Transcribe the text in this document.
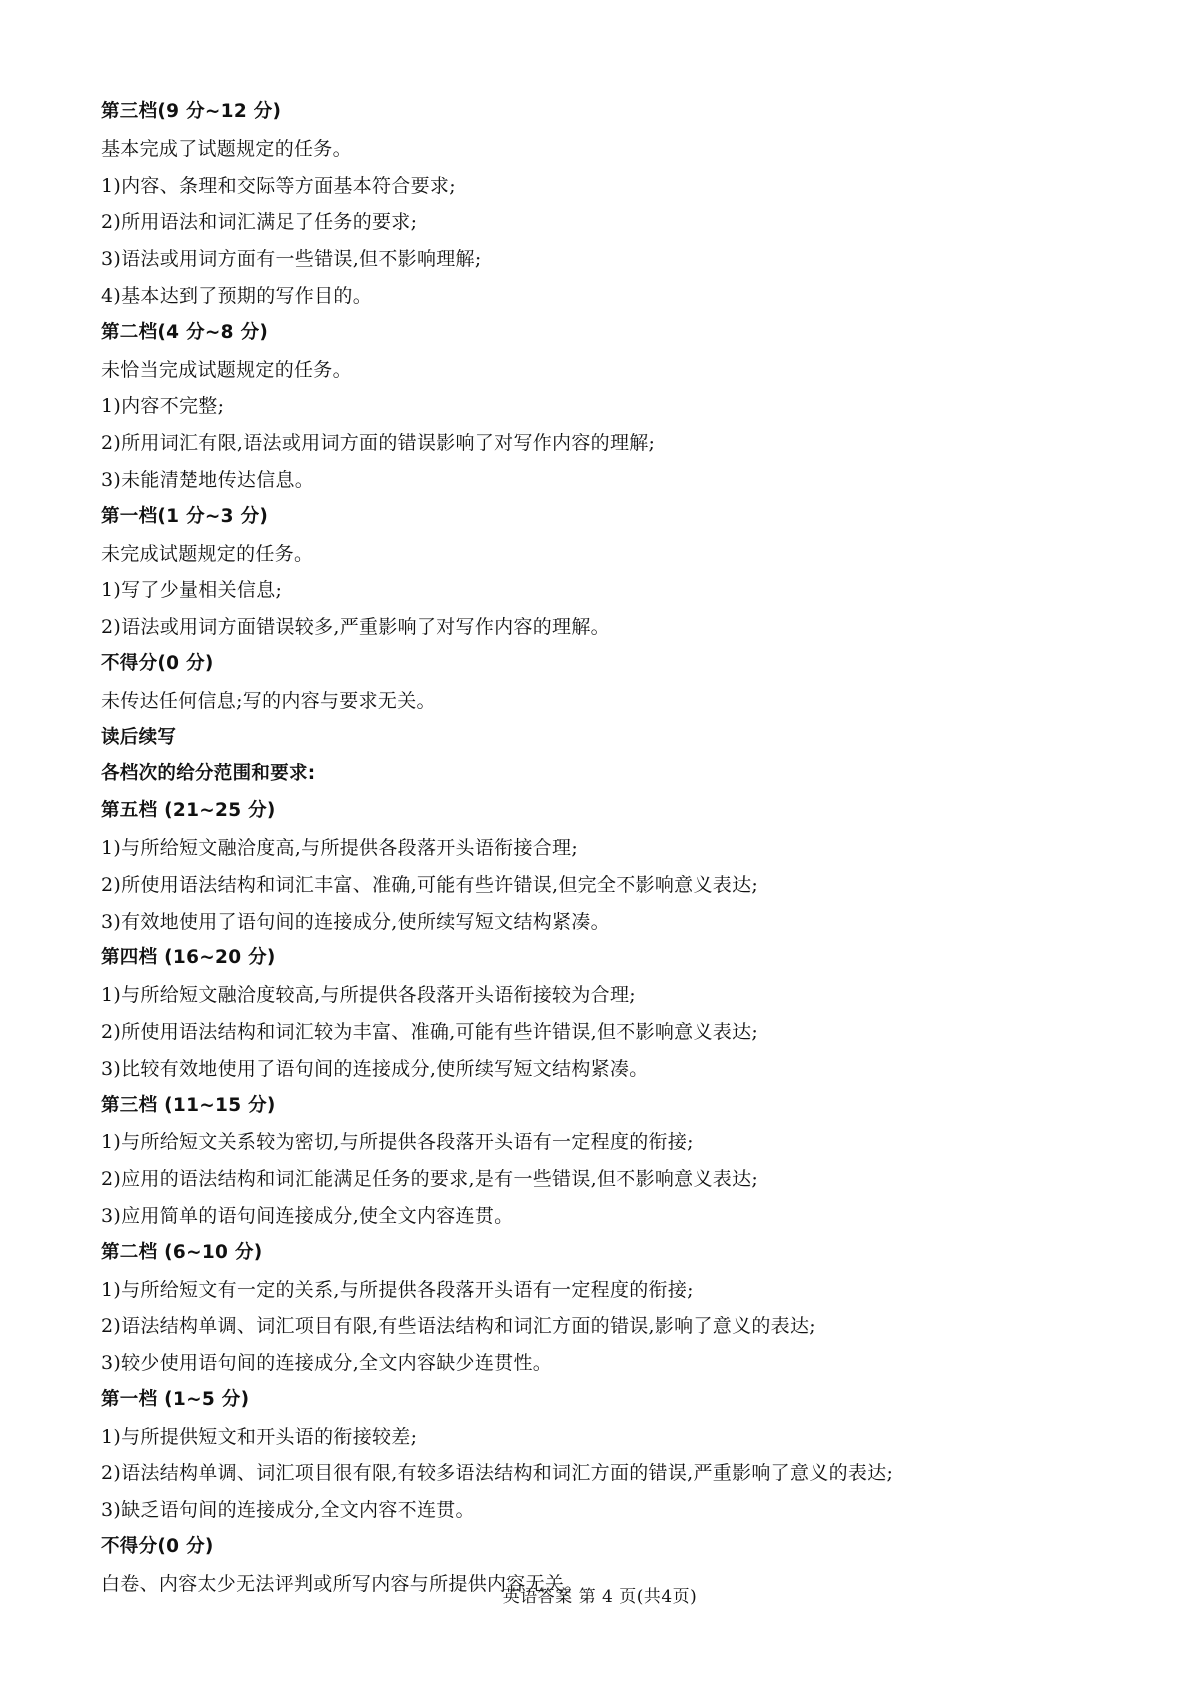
第三档(9 分~12 分)
基本完成了试题规定的任务。
1)内容、条理和交际等方面基本符合要求;
2)所用语法和词汇满足了任务的要求;
3)语法或用词方面有一些错误,但不影响理解;
4)基本达到了预期的写作目的。
第二档(4 分~8 分)
未恰当完成试题规定的任务。
1)内容不完整;
2)所用词汇有限,语法或用词方面的错误影响了对写作内容的理解;
3)未能清楚地传达信息。
第一档(1 分~3 分)
未完成试题规定的任务。
1)写了少量相关信息;
2)语法或用词方面错误较多,严重影响了对写作内容的理解。
不得分(0 分)
未传达任何信息;写的内容与要求无关。
读后续写
各档次的给分范围和要求:
第五档 (21~25 分)
1)与所给短文融洽度高,与所提供各段落开头语衔接合理;
2)所使用语法结构和词汇丰富、准确,可能有些许错误,但完全不影响意义表达;
3)有效地使用了语句间的连接成分,使所续写短文结构紧凑。
第四档 (16~20 分)
1)与所给短文融洽度较高,与所提供各段落开头语衔接较为合理;
2)所使用语法结构和词汇较为丰富、准确,可能有些许错误,但不影响意义表达;
3)比较有效地使用了语句间的连接成分,使所续写短文结构紧凑。
第三档 (11~15 分)
1)与所给短文关系较为密切,与所提供各段落开头语有一定程度的衔接;
2)应用的语法结构和词汇能满足任务的要求,是有一些错误,但不影响意义表达;
3)应用简单的语句间连接成分,使全文内容连贯。
第二档 (6~10 分)
1)与所给短文有一定的关系,与所提供各段落开头语有一定程度的衔接;
2)语法结构单调、词汇项目有限,有些语法结构和词汇方面的错误,影响了意义的表达;
3)较少使用语句间的连接成分,全文内容缺少连贯性。
第一档 (1~5 分)
1)与所提供短文和开头语的衔接较差;
2)语法结构单调、词汇项目很有限,有较多语法结构和词汇方面的错误,严重影响了意义的表达;
3)缺乏语句间的连接成分,全文内容不连贯。
不得分(0 分)
白卷、内容太少无法评判或所写内容与所提供内容无关。
英语答案 第 4 页(共4页)
